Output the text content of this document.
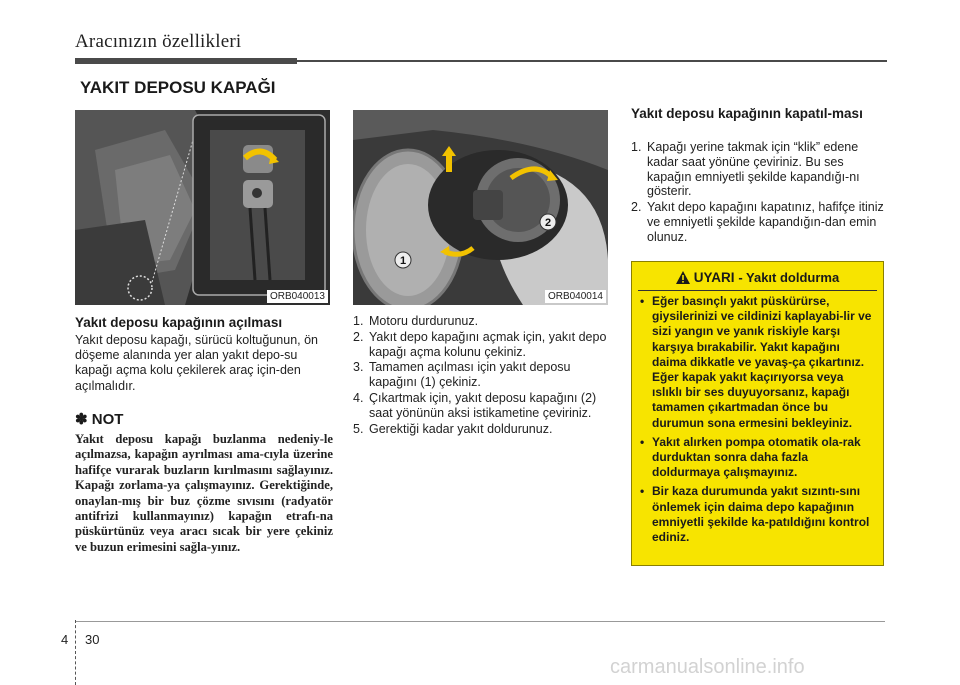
Aracınızın özellikleri
YAKIT DEPOSU KAPAĞI
ORB040013
1
2
ORB040014
Yakıt deposu kapağının açılması
Yakıt deposu kapağı, sürücü koltuğunun, ön döşeme alanında yer alan yakıt depo-su kapağı açma kolu çekilerek araç için-den açılmalıdır.
✽ NOT
Yakıt deposu kapağı buzlanma nedeniy-le açılmazsa, kapağın ayrılması ama-cıyla üzerine hafifçe vurarak buzların kırılmasını sağlayınız. Kapağı zorlama-ya çalışmayınız. Gerektiğinde, onaylan-mış bir buz çözme sıvısını (radyatör antifrizi kullanmayınız) kapağın etrafı-na püskürtünüz veya aracı sıcak bir yere çekiniz ve buzun erimesini sağla-yınız.
1. Motoru durdurunuz.
2. Yakıt depo kapağını açmak için, yakıt depo kapağı açma kolunu çekiniz.
3. Tamamen açılması için yakıt deposu kapağını (1) çekiniz.
4. Çıkartmak için, yakıt deposu kapağını (2) saat yönünün aksi istikametine çeviriniz.
5. Gerektiği kadar yakıt doldurunuz.
Yakıt deposu kapağının kapatıl-ması
1. Kapağı yerine takmak için “klik” edene kadar saat yönüne çeviriniz. Bu ses kapağın emniyetli şekilde kapandığı-nı gösterir.
2. Yakıt depo kapağını kapatınız, hafifçe itiniz ve emniyetli şekilde kapandığın-dan emin olunuz.
UYARI - Yakıt doldurma
• Eğer basınçlı yakıt püskürürse, giysilerinizi ve cildinizi kaplayabi-lir ve sizi yangın ve yanık riskiyle karşı karşıya bırakabilir. Yakıt kapağını daima dikkatle ve yavaş-ça çıkartınız. Eğer kapak yakıt kaçırıyorsa veya ıslıklı bir ses duyuyorsanız, kapağı tamamen çıkartmadan önce bu durumun sona ermesini bekleyiniz.
• Yakıt alırken pompa otomatik ola-rak durduktan sonra daha fazla doldurmaya çalışmayınız.
• Bir kaza durumunda yakıt sızıntı-sını önlemek için daima depo kapağının emniyetli şekilde ka-patıldığını kontrol ediniz.
4 30
carmanualsonline.info
